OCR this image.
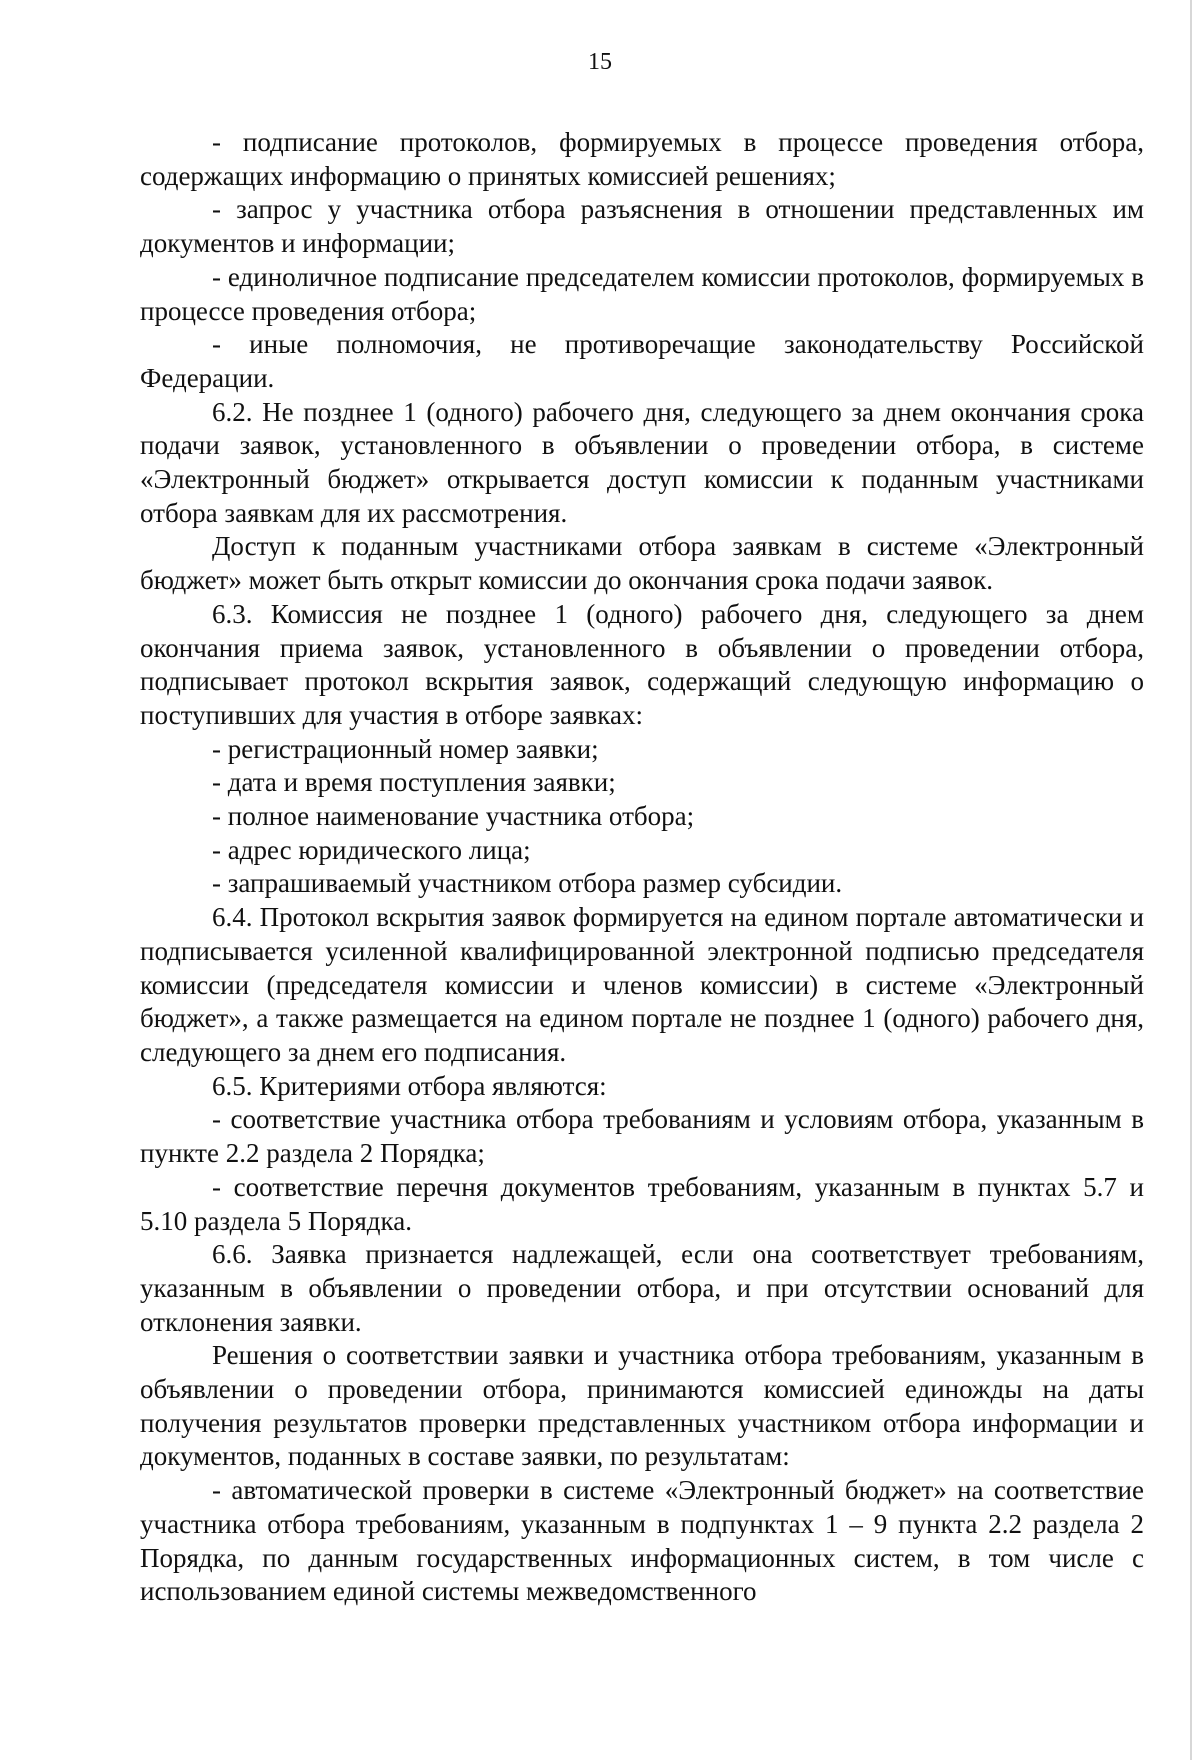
15

- подписание протоколов, формируемых в процессе проведения отбора, содержащих информацию о принятых комиссией решениях;

- запрос у участника отбора разъяснения в отношении представленных им документов и информации;

- единоличное подписание председателем комиссии протоколов, формируемых в процессе проведения отбора;

- иные полномочия, не противоречащие законодательству Российской Федерации.

6.2. Не позднее 1 (одного) рабочего дня, следующего за днем окончания срока подачи заявок, установленного в объявлении о проведении отбора, в системе «Электронный бюджет» открывается доступ комиссии к поданным участниками отбора заявкам для их рассмотрения.

Доступ к поданным участниками отбора заявкам в системе «Электронный бюджет» может быть открыт комиссии до окончания срока подачи заявок.

6.3. Комиссия не позднее 1 (одного) рабочего дня, следующего за днем окончания приема заявок, установленного в объявлении о проведении отбора, подписывает протокол вскрытия заявок, содержащий следующую информацию о поступивших для участия в отборе заявках:

- регистрационный номер заявки;

- дата и время поступления заявки;

- полное наименование участника отбора;

- адрес юридического лица;

- запрашиваемый участником отбора размер субсидии.

6.4. Протокол вскрытия заявок формируется на едином портале автоматически и подписывается усиленной квалифицированной электронной подписью председателя комиссии (председателя комиссии и членов комиссии) в системе «Электронный бюджет», а также размещается на едином портале не позднее 1 (одного) рабочего дня, следующего за днем его подписания.

6.5. Критериями отбора являются:

- соответствие участника отбора требованиям и условиям отбора, указанным в пункте 2.2 раздела 2 Порядка;

- соответствие перечня документов требованиям, указанным в пунктах 5.7 и 5.10 раздела 5 Порядка.

6.6. Заявка признается надлежащей, если она соответствует требованиям, указанным в объявлении о проведении отбора, и при отсутствии оснований для отклонения заявки.

Решения о соответствии заявки и участника отбора требованиям, указанным в объявлении о проведении отбора, принимаются комиссией единожды на даты получения результатов проверки представленных участником отбора информации и документов, поданных в составе заявки, по результатам:

- автоматической проверки в системе «Электронный бюджет» на соответствие участника отбора требованиям, указанным в подпунктах 1 – 9 пункта 2.2 раздела 2 Порядка, по данным государственных информационных систем, в том числе с использованием единой системы межведомственного
